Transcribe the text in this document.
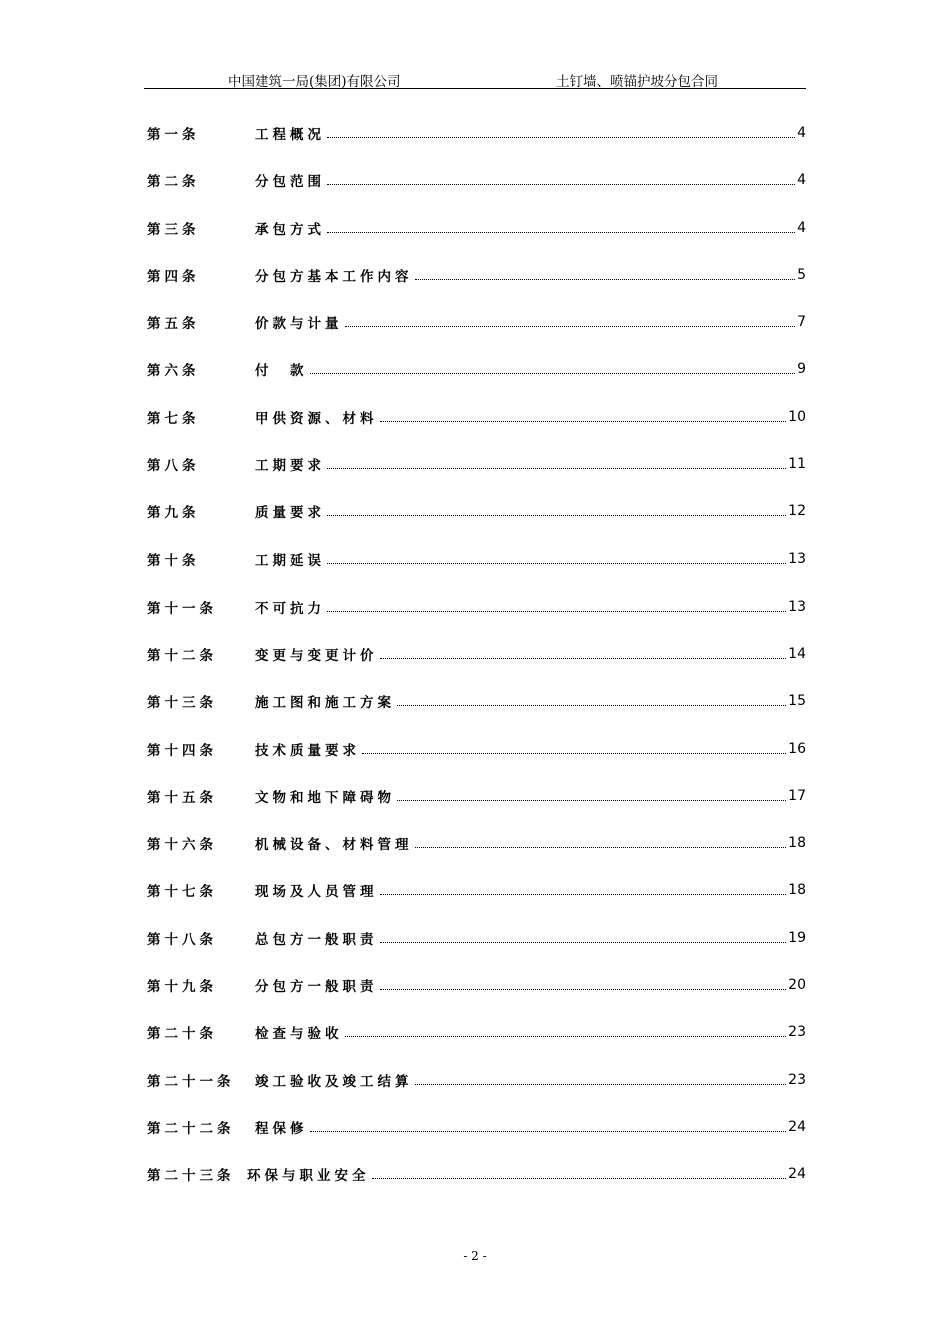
中国建筑一局(集团)有限公司	土钉墙、喷锚护坡分包合同
第一条	工程概况	4
第二条	分包范围	4
第三条	承包方式	4
第四条	分包方基本工作内容	5
第五条	价款与计量	7
第六条	付　款	9
第七条	甲供资源、材料	10
第八条	工期要求	11
第九条	质量要求	12
第十条	工期延误	13
第十一条	不可抗力	13
第十二条	变更与变更计价	14
第十三条	施工图和施工方案	15
第十四条	技术质量要求	16
第十五条	文物和地下障碍物	17
第十六条	机械设备、材料管理	18
第十七条	现场及人员管理	18
第十八条	总包方一般职责	19
第十九条	分包方一般职责	20
第二十条	检查与验收	23
第二十一条	竣工验收及竣工结算	23
第二十二条	程保修	24
第二十三条 环保与职业安全	24
- 2 -
